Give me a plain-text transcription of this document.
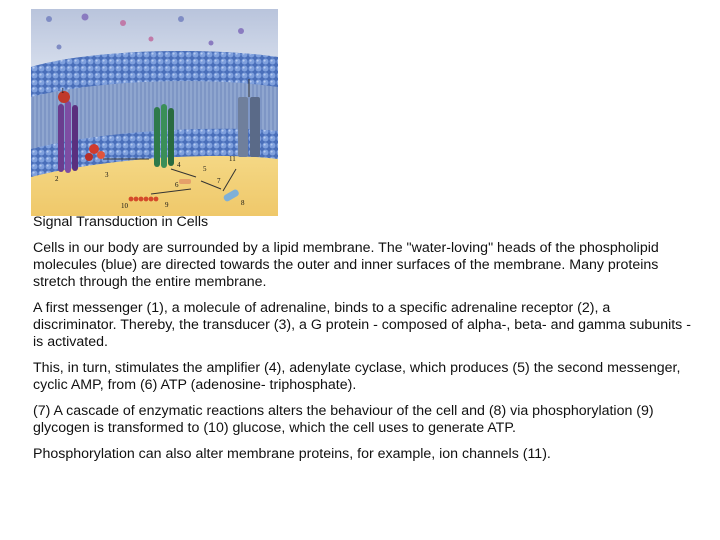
1
2	3
4	5
6	7
8
9
10
11

Signal Transduction in Cells

Cells in our body are surrounded by a lipid membrane. The "water-loving" heads of the phospholipid molecules (blue) are directed towards the outer and inner surfaces of the membrane. Many proteins stretch through the entire membrane.

A first messenger (1), a molecule of adrenaline, binds to a specific adrenaline receptor (2), a discriminator. Thereby, the transducer (3), a G protein - composed of alpha-, beta- and gamma subunits - is activated.

This, in turn, stimulates the amplifier (4), adenylate cyclase, which produces (5) the second messenger, cyclic AMP, from (6) ATP (adenosine- triphosphate).

(7) A cascade of enzymatic reactions alters the behaviour of the cell and (8) via phosphorylation (9) glycogen is transformed to (10) glucose, which the cell uses to generate ATP.

Phosphorylation can also alter membrane proteins, for example, ion channels (11).
